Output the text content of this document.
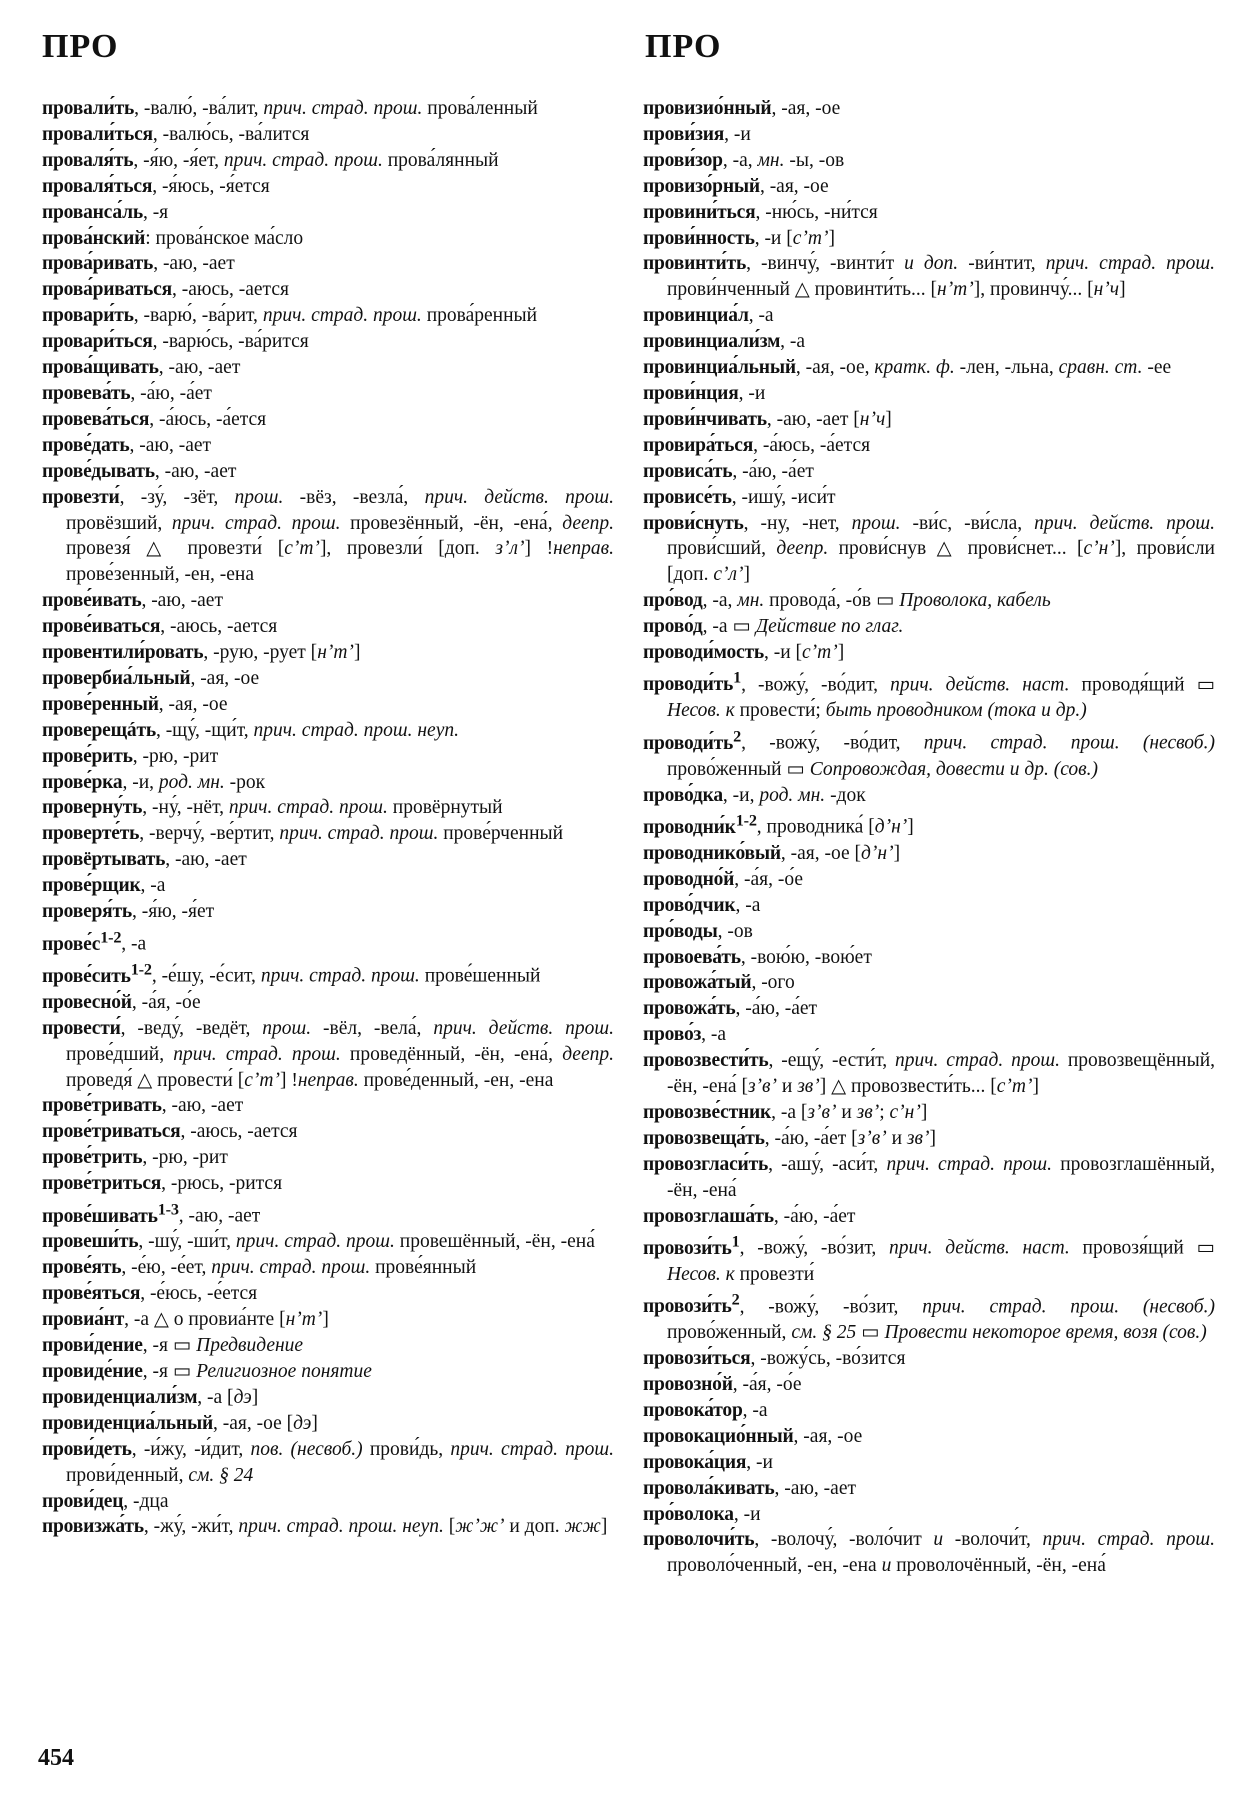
ПРО	ПРО

провали́ть, -валю́, -ва́лит, прич. страд. прош. прова́ленный

провали́ться, -валю́сь, -ва́лится

проваля́ть, -я́ю, -я́ет, прич. страд. прош. прова́лянный

проваля́ться, -я́юсь, -я́ется

прованса́ль, -я

прова́нский: прова́нское ма́сло

прова́ривать, -аю, -ает

прова́риваться, -аюсь, -ается

провари́ть, -варю́, -ва́рит, прич. страд. прош. прова́ренный

провари́ться, -варю́сь, -ва́рится

прова́щивать, -аю, -ает

провева́ть, -а́ю, -а́ет

провева́ться, -а́юсь, -а́ется

прове́дать, -аю, -ает

прове́дывать, -аю, -ает

провезти́, -зу́, -зёт, прош. -вёз, -везла́, прич. действ. прош. провёзший, прич. страд. прош. провезённый, -ён, -ена́, деепр. провезя́ △ провезти́ [сʼтʼ], провезли́ [доп. зʼлʼ] !неправ. прове́зенный, -ен, -ена

прове́ивать, -аю, -ает

прове́иваться, -аюсь, -ается

провентили́ровать, -рую, -рует [нʼтʼ]

провербиа́льный, -ая, -ое

прове́ренный, -ая, -ое

проверещáть, -щу́, -щи́т, прич. страд. прош. неуп.

прове́рить, -рю, -рит

прове́рка, -и, род. мн. -рок

проверну́ть, -ну́, -нёт, прич. страд. прош. провёрнутый

проверте́ть, -верчу́, -ве́ртит, прич. страд. прош. прове́рченный

провёртывать, -аю, -ает

прове́рщик, -а

проверя́ть, -я́ю, -я́ет

$прове́с^{1-2}$, -а

прове́сить$^{1-2}$, -е́шу, -е́сит, прич. страд. прош. прове́шенный

провесно́й, -а́я, -о́е

провести́, -веду́, -ведёт, прош. -вёл, -вела́, прич. действ. прош. прове́дший, прич. страд. прош. проведённый, -ён, -ена́, деепр. проведя́ △ провести́ [сʼтʼ] !неправ. прове́денный, -ен, -ена

прове́тривать, -аю, -ает

прове́триваться, -аюсь, -ается

прове́трить, -рю, -рит

прове́триться, -рюсь, -рится

прове́шивать$^{1-3}$, -аю, -ает

провеши́ть, -шу́, -ши́т, прич. страд. прош. провешённый, -ён, -ена́

прове́ять, -е́ю, -е́ет, прич. страд. прош. прове́янный

прове́яться, -е́юсь, -е́ется

провиа́нт, -а △ о провиа́нте [нʼтʼ]

прови́дение, -я ▭ Предвидение

провиде́ние, -я ▭ Религиозное понятие

провиденциали́зм, -а [дэ]

провиденциа́льный, -ая, -ое [дэ]

прови́деть, -и́жу, -и́дит, пов. (несвоб.) прови́дь, прич. страд. прош. прови́денный, см. § 24

прови́дец, -дца

провизжа́ть, -жу́, -жи́т, прич. страд. прош. неуп. [жʼжʼ и доп. жж]

провизио́нный, -ая, -ое

прови́зия, -и

прови́зор, -а, мн. -ы, -ов

провизо́рный, -ая, -ое

провини́ться, -ню́сь, -ни́тся

прови́нность, -и [сʼтʼ]

провинти́ть, -винчу́, -винти́т и доп. -ви́нтит, прич. страд. прош. прови́нченный △ провинти́ть... [нʼтʼ], провинчу́... [нʼч]

провинциа́л, -а

провинциали́зм, -а

провинциа́льный, -ая, -ое, кратк. ф. -лен, -льна, сравн. ст. -ее

прови́нция, -и

прови́нчивать, -аю, -ает [нʼч]

провира́ться, -а́юсь, -а́ется

провиса́ть, -а́ю, -а́ет

провисе́ть, -ишу́, -иси́т

прови́снуть, -ну, -нет, прош. -ви́с, -ви́сла, прич. действ. прош. прови́сший, деепр. прови́снув △ прови́снет... [сʼнʼ], прови́сли [доп. сʼлʼ]

про́вод, -а, мн. провода́, -о́в ▭ Проволока, кабель

прово́д, -а ▭ Действие по глаг.

проводи́мость, -и [сʼтʼ]

$проводи́ть^1$, -вожу́, -во́дит, прич. действ. наст. проводя́щий ▭ Несов. к провести́; быть проводником (тока и др.)

$проводи́ть^2$, -вожу́, -во́дит, прич. страд. прош. (несвоб.) прово́женный ▭ Сопровождая, довести и др. (сов.)

прово́дка, -и, род. мн. -док

$проводни́к^{1-2}$, проводника́ [дʼнʼ]

проводнико́вый, -ая, -ое [дʼнʼ]

проводно́й, -а́я, -о́е

прово́дчик, -а

про́воды, -ов

провоева́ть, -вою́ю, -вою́ет

провожа́тый, -ого

провожа́ть, -а́ю, -а́ет

прово́з, -а

провозвести́ть, -ещу́, -ести́т, прич. страд. прош. провозвещённый, -ён, -ена́ [зʼвʼ и звʼ] △ провозвести́ть... [сʼтʼ]

провозве́стник, -а [зʼвʼ и звʼ; сʼнʼ]

провозвеща́ть, -а́ю, -а́ет [зʼвʼ и звʼ]

провозгласи́ть, -ашу́, -аси́т, прич. страд. прош. провозглашённый, -ён, -ена́

провозглаша́ть, -а́ю, -а́ет

$провози́ть^1$, -вожу́, -во́зит, прич. действ. наст. провозя́щий ▭ Несов. к провезти́

$провози́ть^2$, -вожу́, -во́зит, прич. страд. прош. (несвоб.) прово́женный, см. § 25 ▭ Провести некоторое время, возя (сов.)

провози́ться, -вожу́сь, -во́зится

провозно́й, -а́я, -о́е

провока́тор, -а

провокацио́нный, -ая, -ое

провока́ция, -и

провола́кивать, -аю, -ает

про́волока, -и

проволочи́ть, -волочу́, -воло́чит и -волочи́т, прич. страд. прош. проволо́ченный, -ен, -ена и проволочённый, -ён, -ена́

454
